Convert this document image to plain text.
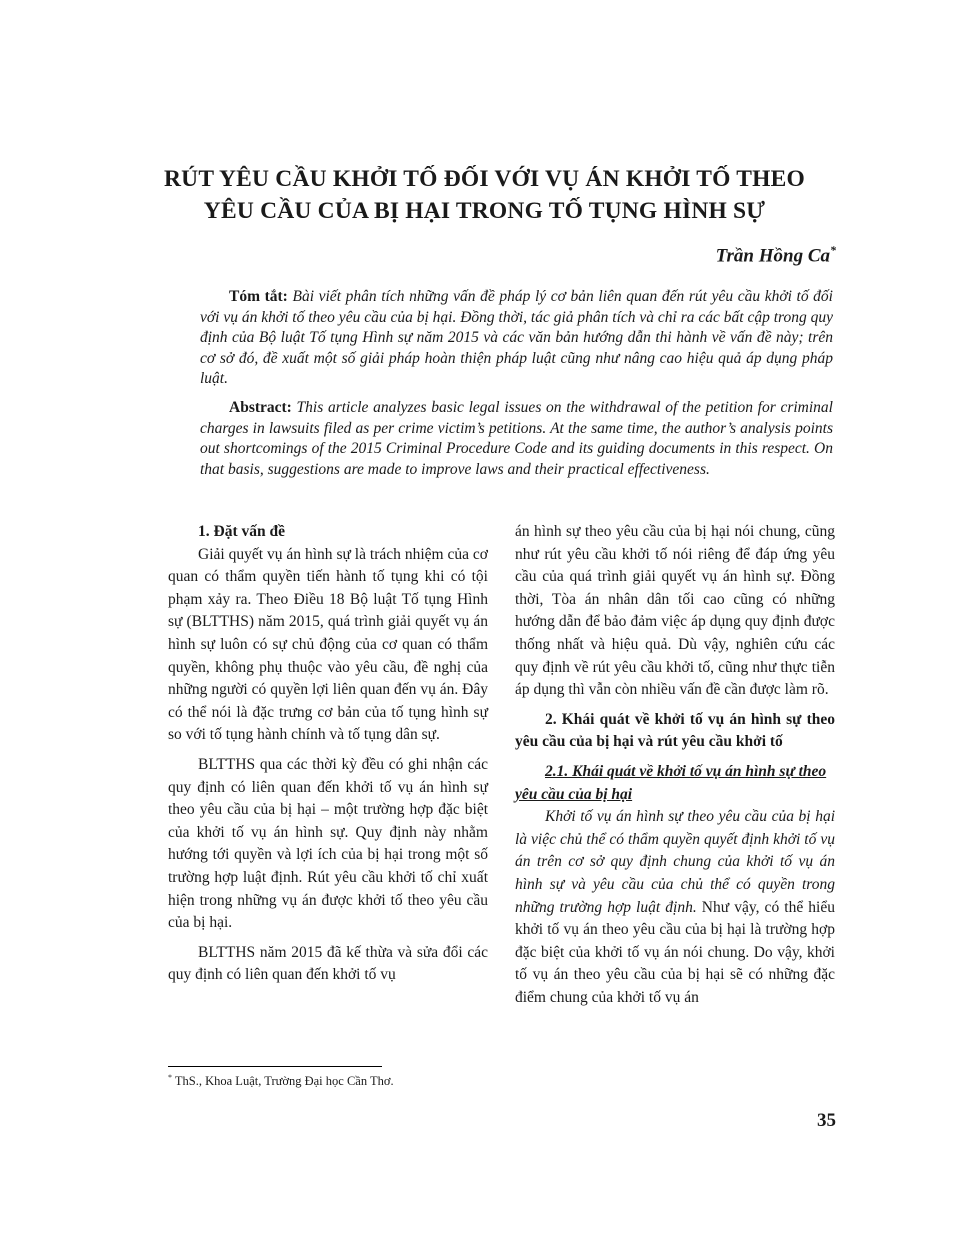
RÚT YÊU CẦU KHỞI TỐ ĐỐI VỚI VỤ ÁN KHỞI TỐ THEO
YÊU CẦU CỦA BỊ HẠI TRONG TỐ TỤNG HÌNH SỰ
Trần Hồng Ca*
Tóm tắt: Bài viết phân tích những vấn đề pháp lý cơ bản liên quan đến rút yêu cầu khởi tố đối với vụ án khởi tố theo yêu cầu của bị hại. Đồng thời, tác giả phân tích và chỉ ra các bất cập trong quy định của Bộ luật Tố tụng Hình sự năm 2015 và các văn bản hướng dẫn thi hành về vấn đề này; trên cơ sở đó, đề xuất một số giải pháp hoàn thiện pháp luật cũng như nâng cao hiệu quả áp dụng pháp luật.
Abstract: This article analyzes basic legal issues on the withdrawal of the petition for criminal charges in lawsuits filed as per crime victim’s petitions. At the same time, the author’s analysis points out shortcomings of the 2015 Criminal Procedure Code and its guiding documents in this respect. On that basis, suggestions are made to improve laws and their practical effectiveness.
1. Đặt vấn đề

Giải quyết vụ án hình sự là trách nhiệm của cơ quan có thẩm quyền tiến hành tố tụng khi có tội phạm xảy ra. Theo Điều 18 Bộ luật Tố tụng Hình sự (BLTTHS) năm 2015, quá trình giải quyết vụ án hình sự luôn có sự chủ động của cơ quan có thẩm quyền, không phụ thuộc vào yêu cầu, đề nghị của những người có quyền lợi liên quan đến vụ án. Đây có thể nói là đặc trưng cơ bản của tố tụng hình sự so với tố tụng hành chính và tố tụng dân sự.

BLTTHS qua các thời kỳ đều có ghi nhận các quy định có liên quan đến khởi tố vụ án hình sự theo yêu cầu của bị hại – một trường hợp đặc biệt của khởi tố vụ án hình sự. Quy định này nhằm hướng tới quyền và lợi ích của bị hại trong một số trường hợp luật định. Rút yêu cầu khởi tố chỉ xuất hiện trong những vụ án được khởi tố theo yêu cầu của bị hại.

BLTTHS năm 2015 đã kế thừa và sửa đổi các quy định có liên quan đến khởi tố vụ

án hình sự theo yêu cầu của bị hại nói chung, cũng như rút yêu cầu khởi tố nói riêng để đáp ứng yêu cầu của quá trình giải quyết vụ án hình sự. Đồng thời, Tòa án nhân dân tối cao cũng có những hướng dẫn để bảo đảm việc áp dụng quy định được thống nhất và hiệu quả. Dù vậy, nghiên cứu các quy định về rút yêu cầu khởi tố, cũng như thực tiễn áp dụng thì vẫn còn nhiều vấn đề cần được làm rõ.

2. Khái quát về khởi tố vụ án hình sự theo yêu cầu của bị hại và rút yêu cầu khởi tố
2.1. Khái quát về khởi tố vụ án hình sự theo yêu cầu của bị hại

Khởi tố vụ án hình sự theo yêu cầu của bị hại là việc chủ thể có thẩm quyền quyết định khởi tố vụ án trên cơ sở quy định chung của khởi tố vụ án hình sự và yêu cầu của chủ thể có quyền trong những trường hợp luật định. Như vậy, có thể hiểu khởi tố vụ án theo yêu cầu của bị hại là trường hợp đặc biệt của khởi tố vụ án nói chung. Do vậy, khởi tố vụ án theo yêu cầu của bị hại sẽ có những đặc điểm chung của khởi tố vụ án

* ThS., Khoa Luật, Trường Đại học Cần Thơ.
35
